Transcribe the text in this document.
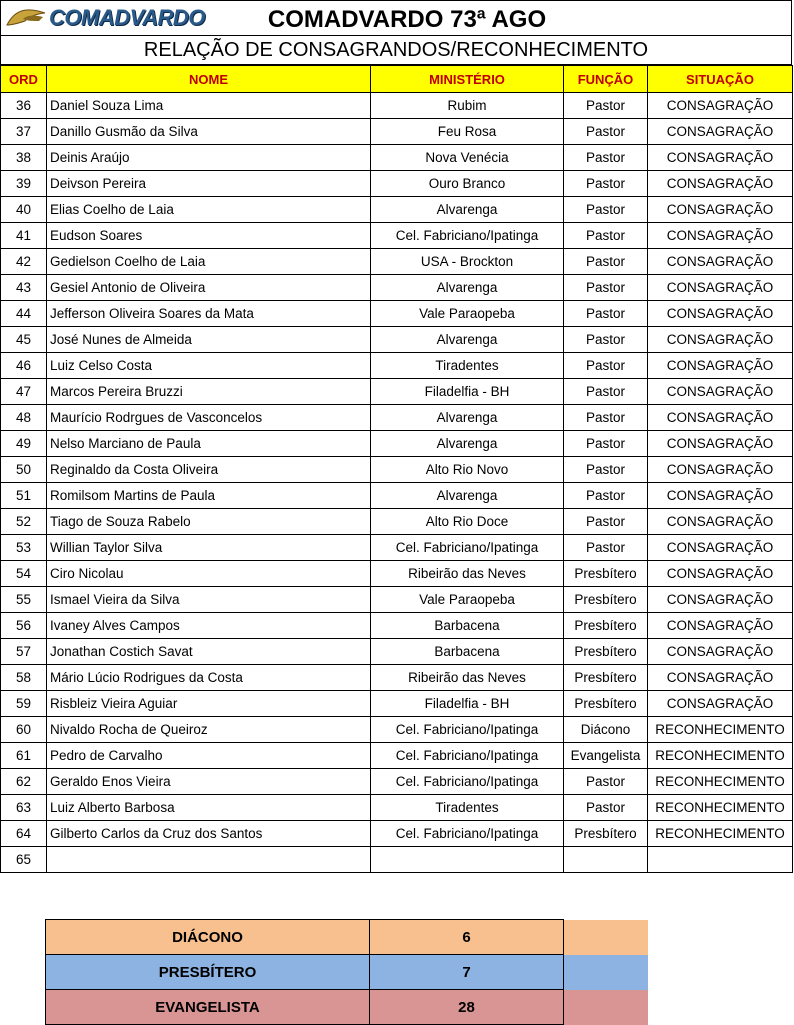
COMADVARDO	COMADVARDO 73ª AGO
RELAÇÃO DE CONSAGRANDOS/RECONHECIMENTO
ORD	NOME	MINISTÉRIO	FUNÇÃO	SITUAÇÃO
36	Daniel Souza Lima	Rubim	Pastor	CONSAGRAÇÃO
37	Danillo Gusmão da Silva	Feu Rosa	Pastor	CONSAGRAÇÃO
38	Deinis Araújo	Nova Venécia	Pastor	CONSAGRAÇÃO
39	Deivson Pereira	Ouro Branco	Pastor	CONSAGRAÇÃO
40	Elias Coelho de Laia	Alvarenga	Pastor	CONSAGRAÇÃO
41	Eudson Soares	Cel. Fabriciano/Ipatinga	Pastor	CONSAGRAÇÃO
42	Gedielson Coelho de Laia	USA - Brockton	Pastor	CONSAGRAÇÃO
43	Gesiel Antonio de Oliveira	Alvarenga	Pastor	CONSAGRAÇÃO
44	Jefferson Oliveira Soares da Mata	Vale Paraopeba	Pastor	CONSAGRAÇÃO
45	José Nunes de Almeida	Alvarenga	Pastor	CONSAGRAÇÃO
46	Luiz Celso Costa	Tiradentes	Pastor	CONSAGRAÇÃO
47	Marcos Pereira Bruzzi	Filadelfia - BH	Pastor	CONSAGRAÇÃO
48	Maurício Rodrgues de Vasconcelos	Alvarenga	Pastor	CONSAGRAÇÃO
49	Nelso Marciano de Paula	Alvarenga	Pastor	CONSAGRAÇÃO
50	Reginaldo da Costa Oliveira	Alto Rio Novo	Pastor	CONSAGRAÇÃO
51	Romilsom Martins de Paula	Alvarenga	Pastor	CONSAGRAÇÃO
52	Tiago de Souza Rabelo	Alto Rio Doce	Pastor	CONSAGRAÇÃO
53	Willian Taylor Silva	Cel. Fabriciano/Ipatinga	Pastor	CONSAGRAÇÃO
54	Ciro Nicolau	Ribeirão das Neves	Presbítero	CONSAGRAÇÃO
55	Ismael Vieira da Silva	Vale Paraopeba	Presbítero	CONSAGRAÇÃO
56	Ivaney Alves Campos	Barbacena	Presbítero	CONSAGRAÇÃO
57	Jonathan Costich Savat	Barbacena	Presbítero	CONSAGRAÇÃO
58	Mário Lúcio Rodrigues da Costa	Ribeirão das Neves	Presbítero	CONSAGRAÇÃO
59	Risbleiz Vieira Aguiar	Filadelfia - BH	Presbítero	CONSAGRAÇÃO
60	Nivaldo Rocha de Queiroz	Cel. Fabriciano/Ipatinga	Diácono	RECONHECIMENTO
61	Pedro de Carvalho	Cel. Fabriciano/Ipatinga	Evangelista	RECONHECIMENTO
62	Geraldo Enos Vieira	Cel. Fabriciano/Ipatinga	Pastor	RECONHECIMENTO
63	Luiz Alberto Barbosa	Tiradentes	Pastor	RECONHECIMENTO
64	Gilberto Carlos da Cruz dos Santos	Cel. Fabriciano/Ipatinga	Presbítero	RECONHECIMENTO
65				
DIÁCONO	6	
PRESBÍTERO	7	
EVANGELISTA	28	
